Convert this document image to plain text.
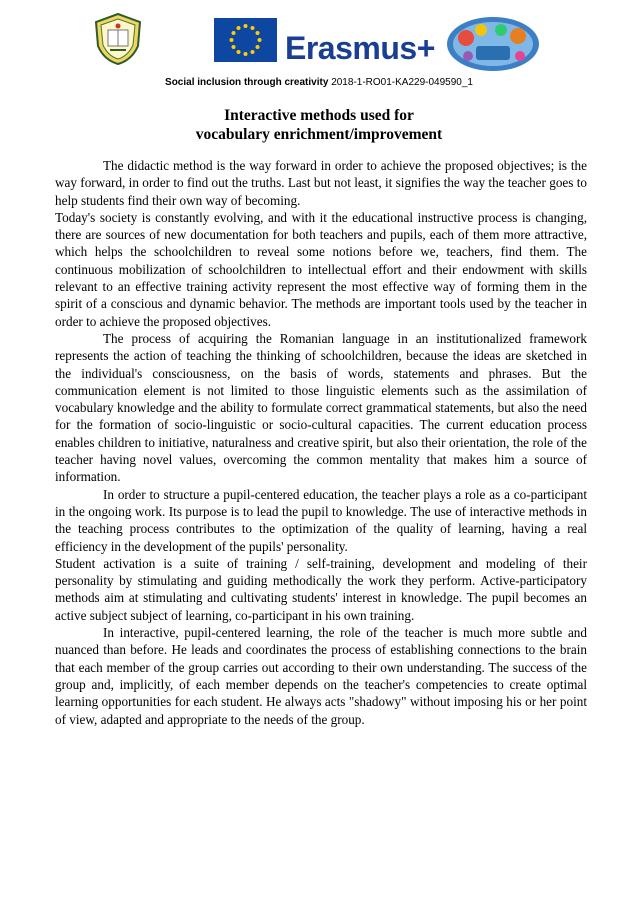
Erasmus+
Social inclusion through creativity 2018-1-RO01-KA229-049590_1
Interactive methods used for
vocabulary enrichment/improvement

The didactic method is the way forward in order to achieve the proposed objectives; is the way forward, in order to find out the truths. Last but not least, it signifies the way the teacher goes to help students find their own way of becoming.

Today's society is constantly evolving, and with it the educational instructive process is changing, there are sources of new documentation for both teachers and pupils, each of them more attractive, which helps the schoolchildren to reveal some notions before we, teachers, find them. The continuous mobilization of schoolchildren to intellectual effort and their endowment with skills relevant to an effective training activity represent the most effective way of forming them in the spirit of a conscious and dynamic behavior. The methods are important tools used by the teacher in order to achieve the proposed objectives.

The process of acquiring the Romanian language in an institutionalized framework represents the action of teaching the thinking of schoolchildren, because the ideas are sketched in the individual's consciousness, on the basis of words, statements and phrases. But the communication element is not limited to those linguistic elements such as the assimilation of vocabulary knowledge and the ability to formulate correct grammatical statements, but also the need for the formation of socio-linguistic or socio-cultural capacities. The current education process enables children to initiative, naturalness and creative spirit, but also their orientation, the role of the teacher having novel values, overcoming the common mentality that makes him a source of information.

In order to structure a pupil-centered education, the teacher plays a role as a co-participant in the ongoing work. Its purpose is to lead the pupil to knowledge. The use of interactive methods in the teaching process contributes to the optimization of the quality of learning, having a real efficiency in the development of the pupils' personality.

Student activation is a suite of training / self-training, development and modeling of their personality by stimulating and guiding methodically the work they perform. Active-participatory methods aim at stimulating and cultivating students' interest in knowledge. The pupil becomes an active subject subject of learning, co-participant in his own training.

In interactive, pupil-centered learning, the role of the teacher is much more subtle and nuanced than before. He leads and coordinates the process of establishing connections to the brain that each member of the group carries out according to their own understanding. The success of the group and, implicitly, of each member depends on the teacher's competencies to create optimal learning opportunities for each student. He always acts "shadowy" without imposing his or her point of view, adapted and appropriate to the needs of the group.
